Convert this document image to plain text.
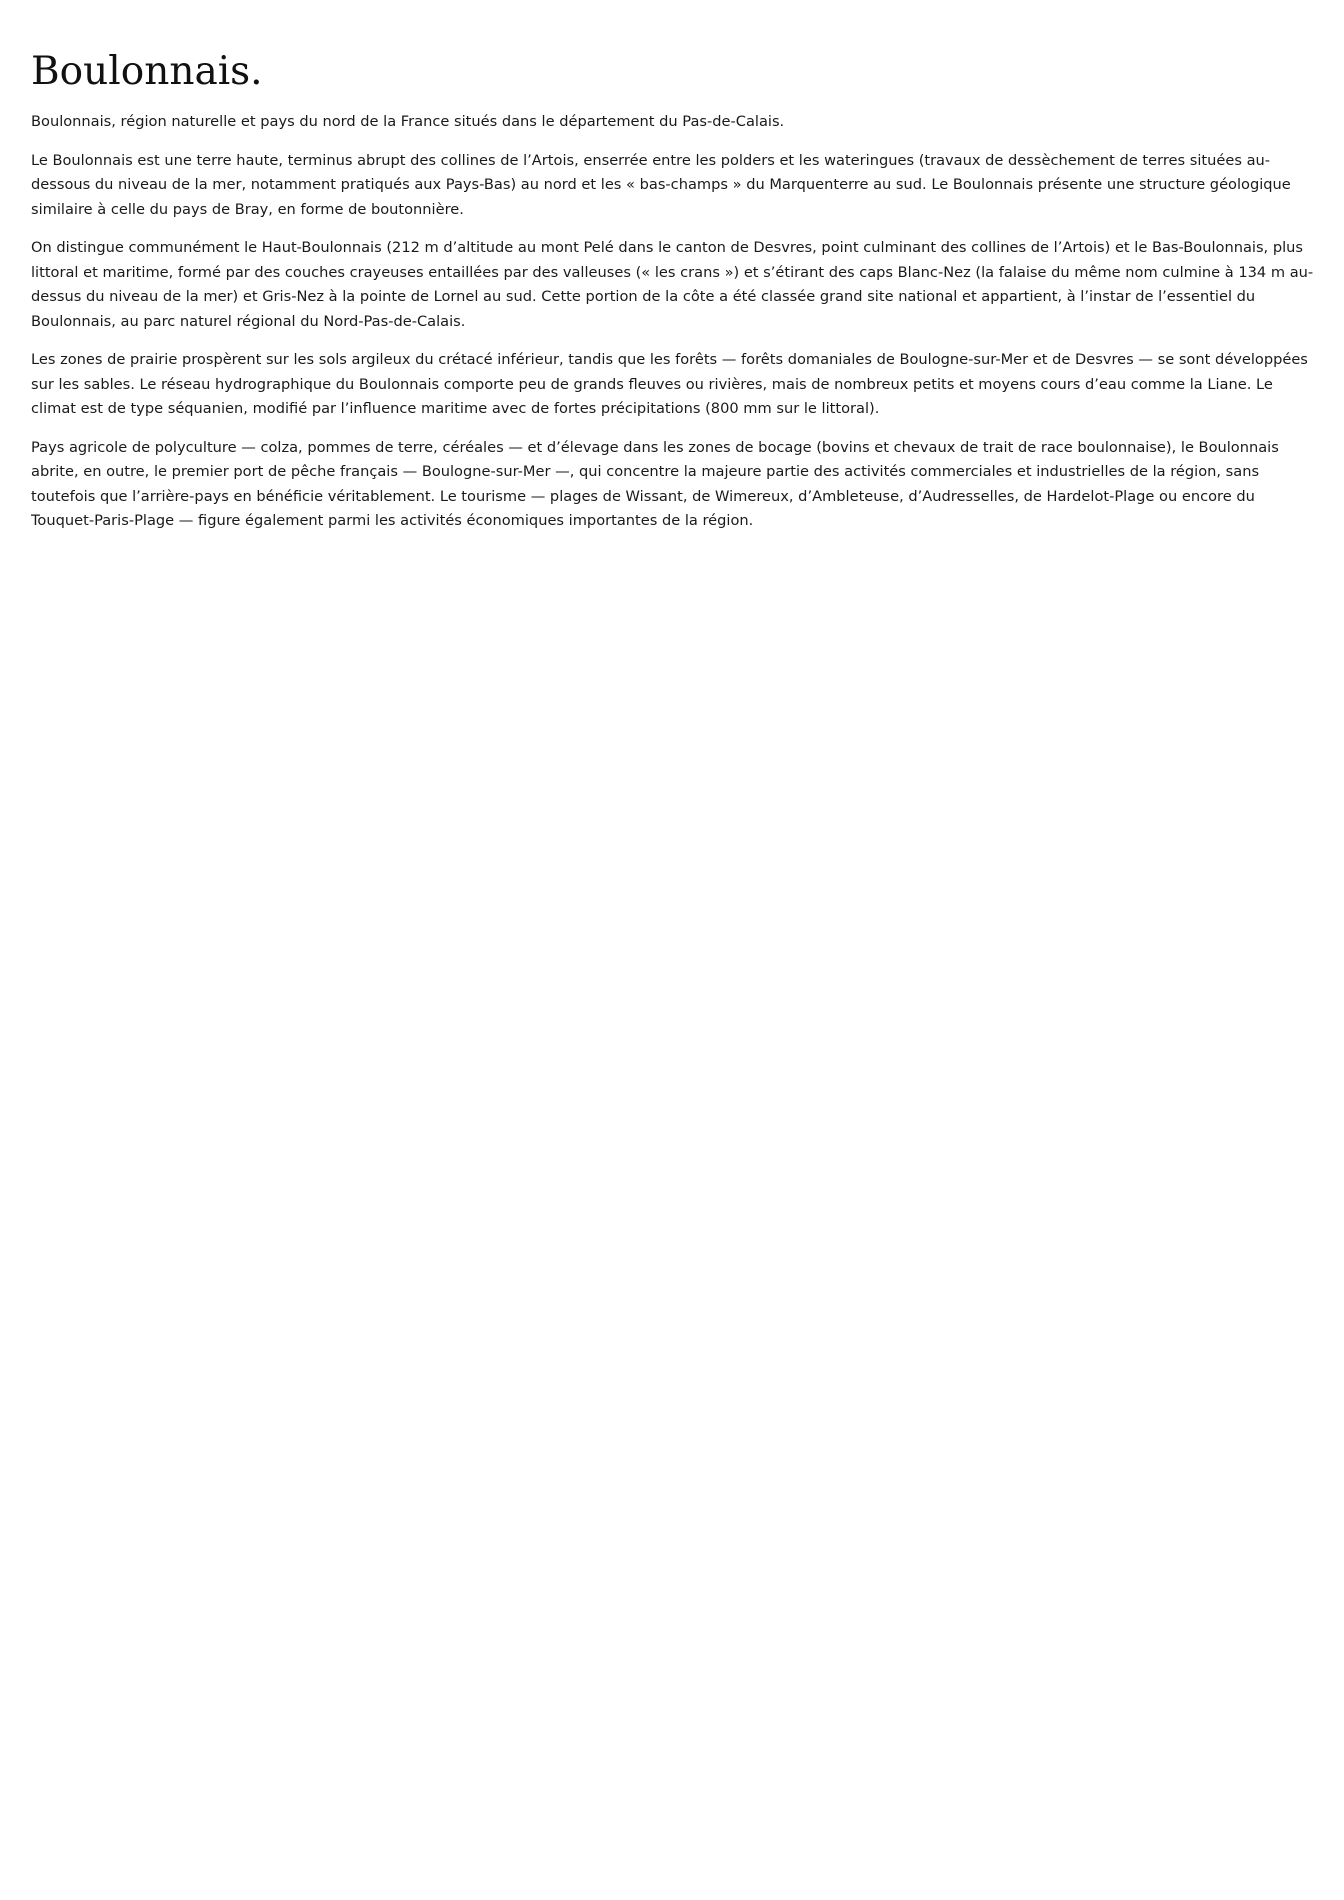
Boulonnais.

Boulonnais, région naturelle et pays du nord de la France situés dans le département du Pas-de-Calais.

Le Boulonnais est une terre haute, terminus abrupt des collines de l’Artois, enserrée entre les polders et les wateringues (travaux de dessèchement de terres situées au-dessous du niveau de la mer, notamment pratiqués aux Pays-Bas) au nord et les « bas-champs » du Marquenterre au sud. Le Boulonnais présente une structure géologique similaire à celle du pays de Bray, en forme de boutonnière.

On distingue communément le Haut-Boulonnais (212 m d’altitude au mont Pelé dans le canton de Desvres, point culminant des collines de l’Artois) et le Bas-Boulonnais, plus littoral et maritime, formé par des couches crayeuses entaillées par des valleuses (« les crans ») et s’étirant des caps Blanc-Nez (la falaise du même nom culmine à 134 m au-dessus du niveau de la mer) et Gris-Nez à la pointe de Lornel au sud. Cette portion de la côte a été classée grand site national et appartient, à l’instar de l’essentiel du Boulonnais, au parc naturel régional du Nord-Pas-de-Calais.

Les zones de prairie prospèrent sur les sols argileux du crétacé inférieur, tandis que les forêts — forêts domaniales de Boulogne-sur-Mer et de Desvres — se sont développées sur les sables. Le réseau hydrographique du Boulonnais comporte peu de grands fleuves ou rivières, mais de nombreux petits et moyens cours d’eau comme la Liane. Le climat est de type séquanien, modifié par l’influence maritime avec de fortes précipitations (800 mm sur le littoral).

Pays agricole de polyculture — colza, pommes de terre, céréales — et d’élevage dans les zones de bocage (bovins et chevaux de trait de race boulonnaise), le Boulonnais abrite, en outre, le premier port de pêche français — Boulogne-sur-Mer —, qui concentre la majeure partie des activités commerciales et industrielles de la région, sans toutefois que l’arrière-pays en bénéficie véritablement. Le tourisme — plages de Wissant, de Wimereux, d’Ambleteuse, d’Audresselles, de Hardelot-Plage ou encore du Touquet-Paris-Plage — figure également parmi les activités économiques importantes de la région.
